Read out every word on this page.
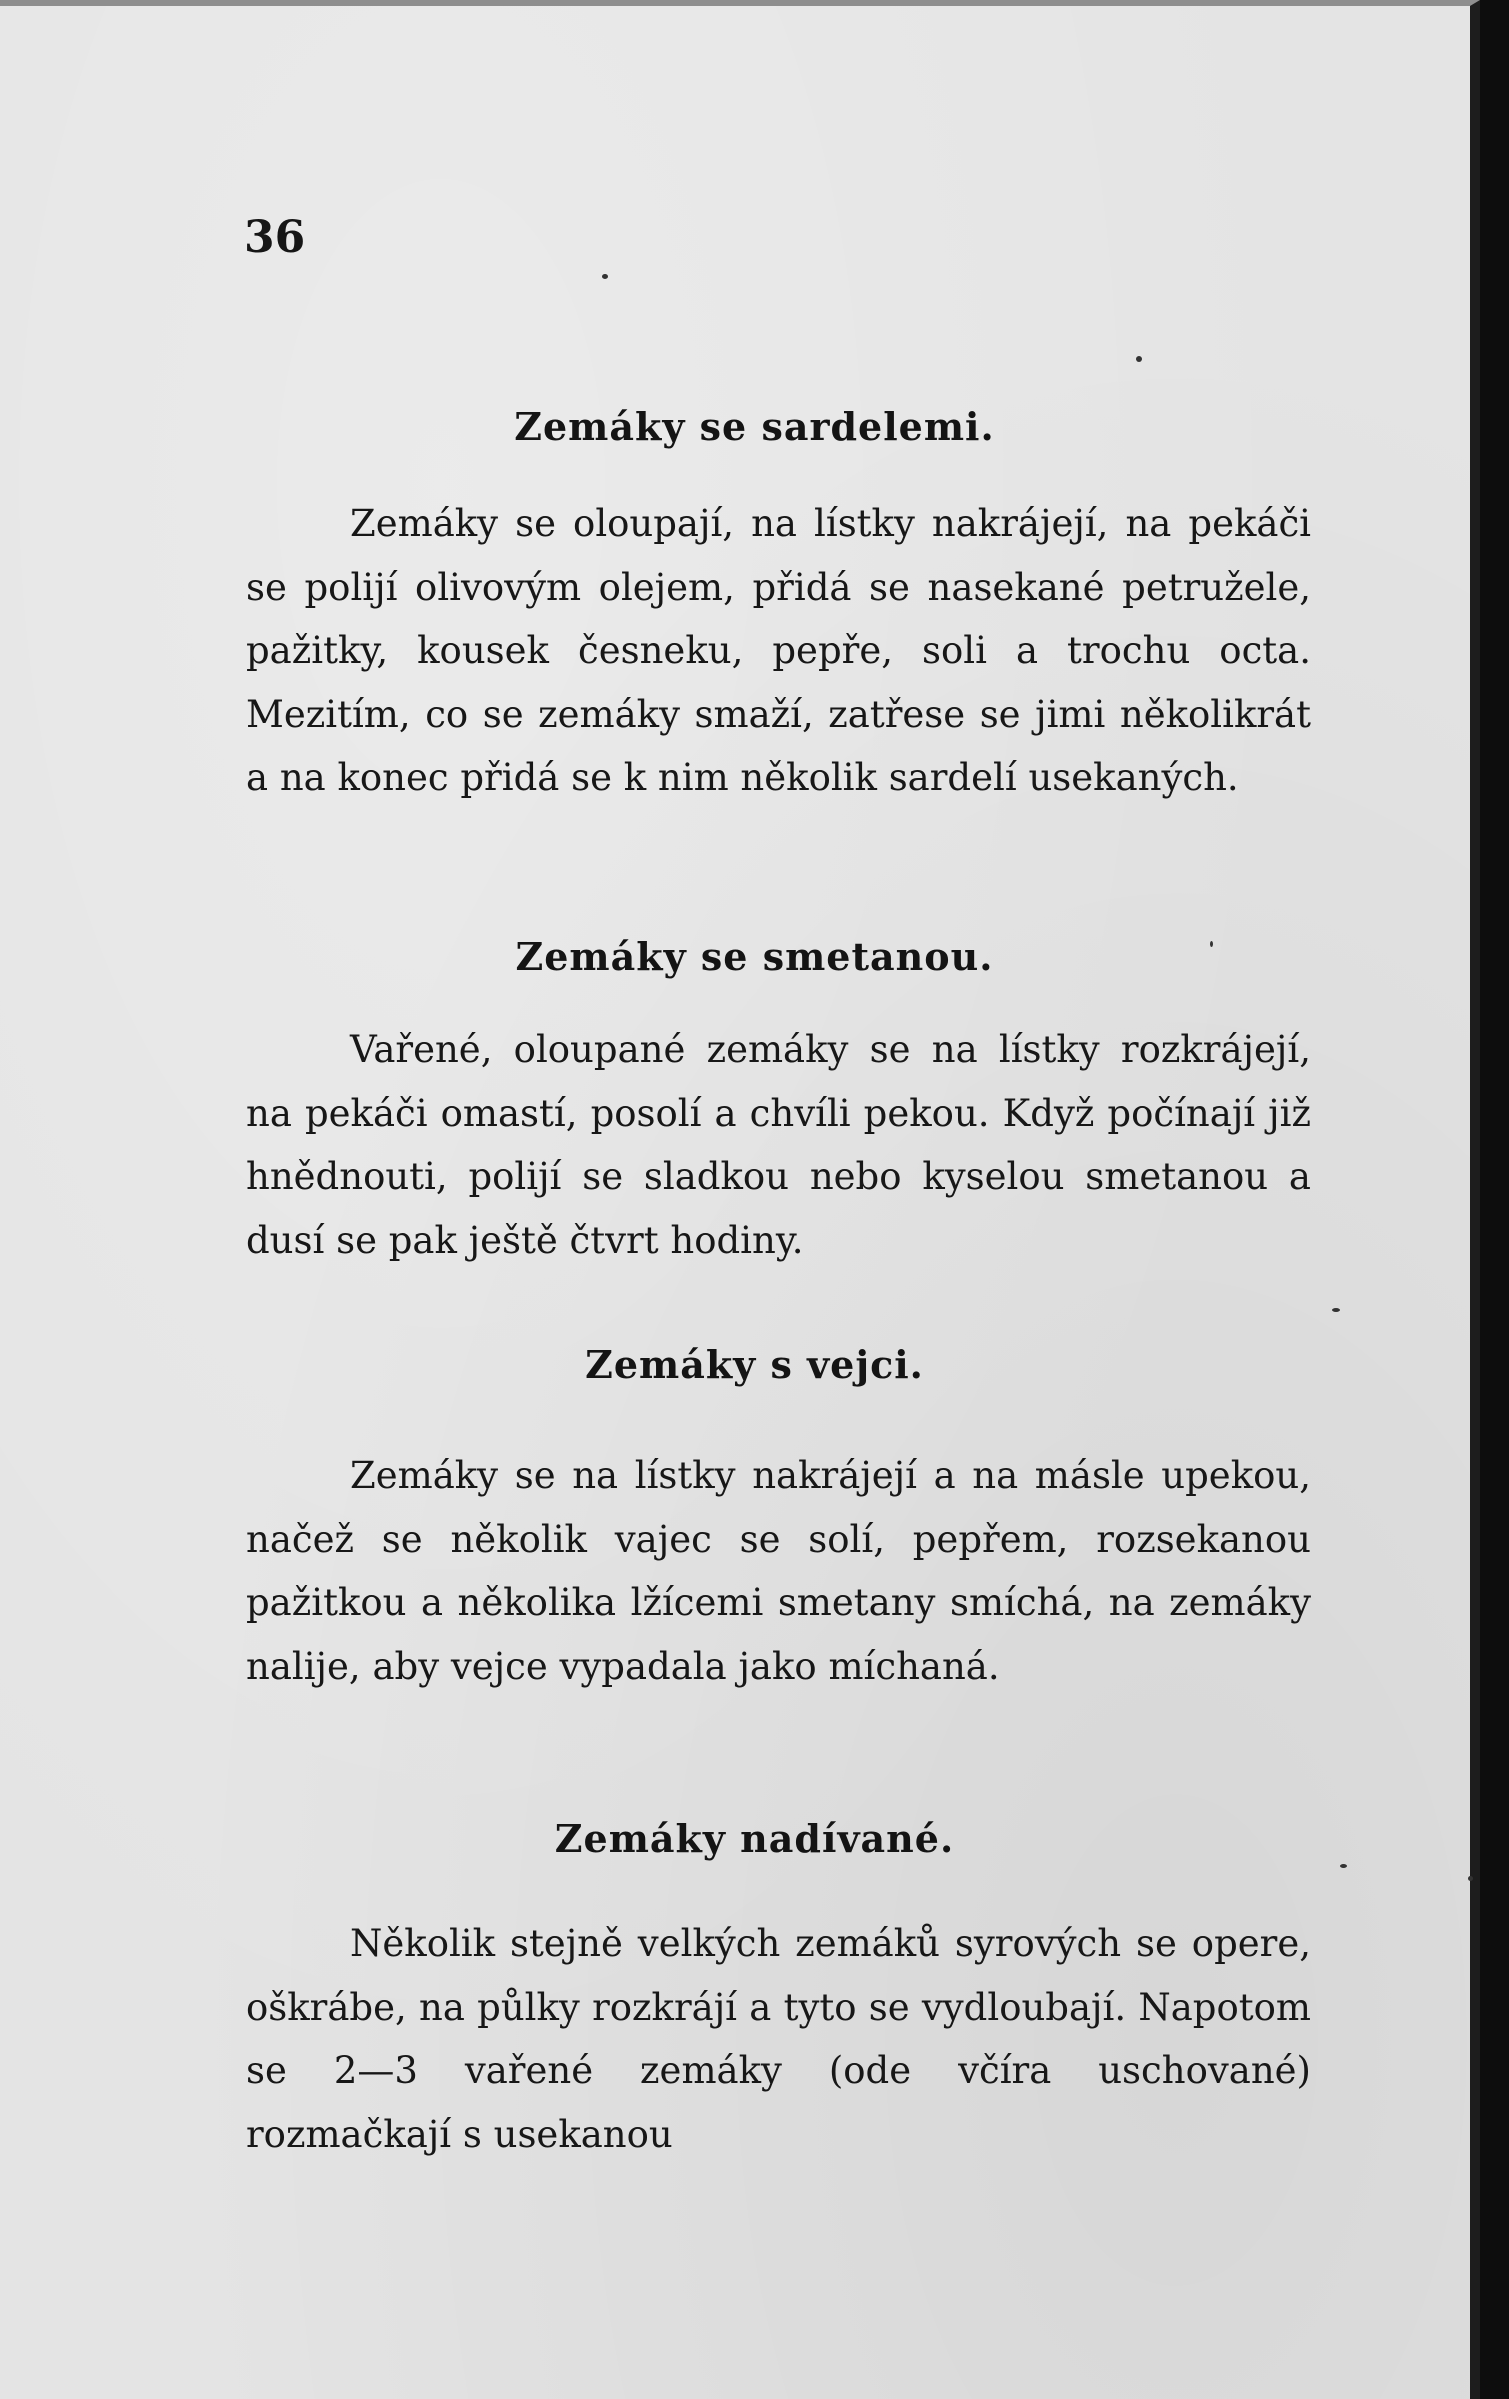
36
Zemáky se sardelemi.

Zemáky se oloupají, na lístky nakrájejí, na pekáči se polijí olivovým olejem, přidá se nasekané petružele, pažitky, kousek česneku, pepře, soli a trochu octa. Mezitím, co se zemáky smaží, zatřese se jimi několikrát a na konec přidá se k nim několik sardelí usekaných.

Zemáky se smetanou.

Vařené, oloupané zemáky se na lístky rozkrájejí, na pekáči omastí, posolí a chvíli pekou. Když počínají již hnědnouti, polijí se sladkou nebo kyselou smetanou a dusí se pak ještě čtvrt hodiny.

Zemáky s vejci.

Zemáky se na lístky nakrájejí a na másle upekou, načež se několik vajec se solí, pepřem, rozsekanou pažitkou a několika lžícemi smetany smíchá, na zemáky nalije, aby vejce vypadala jako míchaná.

Zemáky nadívané.

Několik stejně velkých zemáků syrových se opere, oškrábe, na půlky rozkrájí a tyto se vydloubají. Napotom se 2—3 vařené zemáky (ode včíra uschované) rozmačkají s usekanou
